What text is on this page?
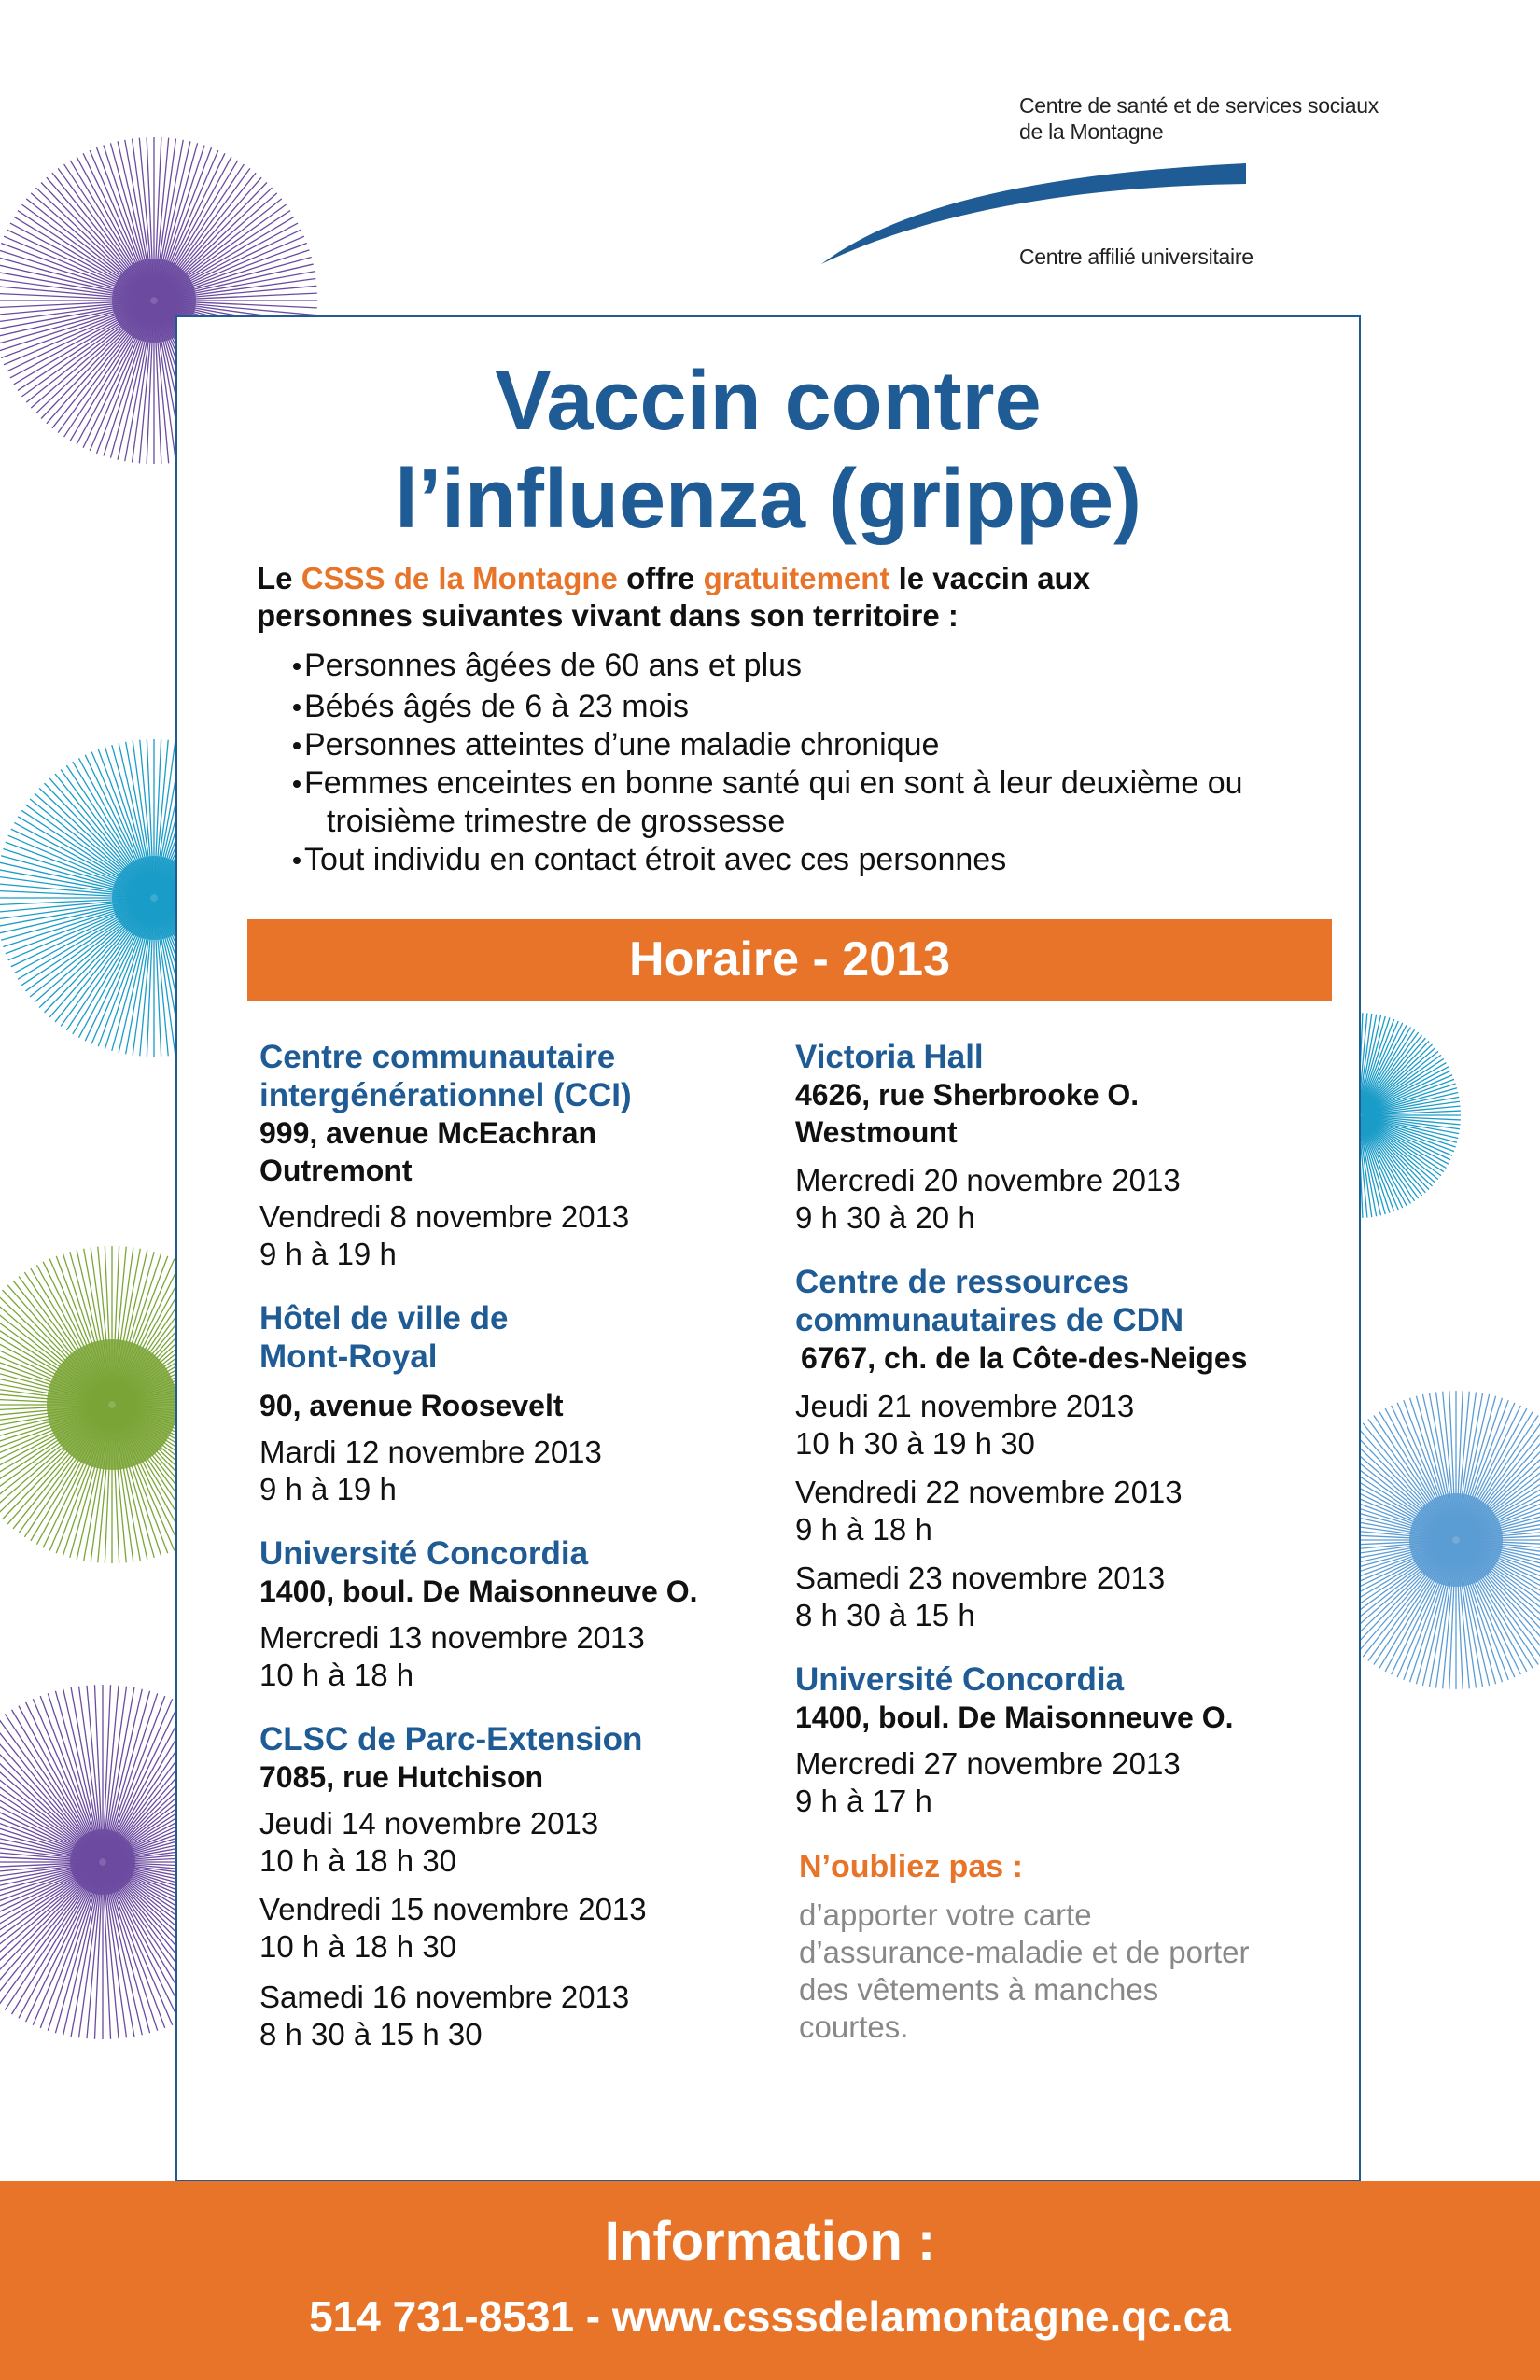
Centre de santé et de services sociaux
de la Montagne
Centre affilié universitaire
Vaccin contre
l’influenza (grippe)
Le CSSS de la Montagne offre gratuitement le vaccin aux
personnes suivantes vivant dans son territoire :
Personnes âgées de 60 ans et plus
Bébés âgés de 6 à 23 mois
Personnes atteintes d’une maladie chronique
Femmes enceintes en bonne santé qui en sont à leur deuxième ou
troisième trimestre de grossesse
Tout individu en contact étroit avec ces personnes
Horaire - 2013
Centre communautaire
intergénérationnel (CCI)
999, avenue McEachran
Outremont
Vendredi 8 novembre 2013
9 h à 19 h
Hôtel de ville de
Mont-Royal
90, avenue Roosevelt
Mardi 12 novembre 2013
9 h à 19 h
Université Concordia
1400, boul. De Maisonneuve O.
Mercredi 13 novembre 2013
10 h à 18 h
CLSC de Parc-Extension
7085, rue Hutchison
Jeudi 14 novembre 2013
10 h à 18 h 30
Vendredi 15 novembre 2013
10 h à 18 h 30
Samedi 16 novembre 2013
8 h 30 à 15 h 30
Victoria Hall
4626, rue Sherbrooke O.
Westmount
Mercredi 20 novembre 2013
9 h 30 à 20 h
Centre de ressources
communautaires de CDN
6767, ch. de la Côte-des-Neiges
Jeudi 21 novembre 2013
10 h 30 à 19 h 30
Vendredi 22 novembre 2013
9 h à 18 h
Samedi 23 novembre 2013
8 h 30 à 15 h
Université Concordia
1400, boul. De Maisonneuve O.
Mercredi 27 novembre 2013
9 h à 17 h
N’oubliez pas :
d’apporter votre carte
d’assurance-maladie et de porter
des vêtements à manches
courtes.
Information :
514 731-8531 - www.csssdelamontagne.qc.ca
